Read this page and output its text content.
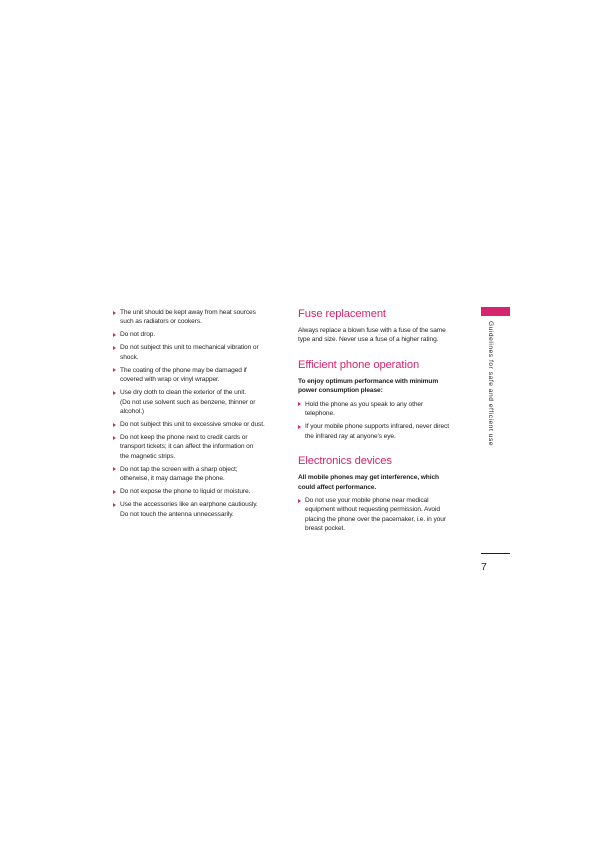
The unit should be kept away from heat sources
such as radiators or cookers.
Do not drop.
Do not subject this unit to mechanical vibration or
shock.
The coating of the phone may be damaged if
covered with wrap or vinyl wrapper.
Use dry cloth to clean the exterior of the unit.
(Do not use solvent such as benzene, thinner or
alcohol.)
Do not subject this unit to excessive smoke or dust.
Do not keep the phone next to credit cards or
transport tickets; it can affect the information on
the magnetic strips.
Do not tap the screen with a sharp object;
otherwise, it may damage the phone.
Do not expose the phone to liquid or moisture.
Use the accessories like an earphone cautiously.
Do not touch the antenna unnecessarily.
Fuse replacement

Always replace a blown fuse with a fuse of the same
type and size. Never use a fuse of a higher rating.

Efficient phone operation

To enjoy optimum performance with minimum
power consumption please:

Hold the phone as you speak to any other
telephone.
If your mobile phone supports infrared, never direct
the infrared ray at anyone's eye.
Electronics devices

All mobile phones may get interference, which
could affect performance.

Do not use your mobile phone near medical
equipment without requesting permission. Avoid
placing the phone over the pacemaker, i.e. in your
breast pocket.
Guidelines for safe and efficient use
7
